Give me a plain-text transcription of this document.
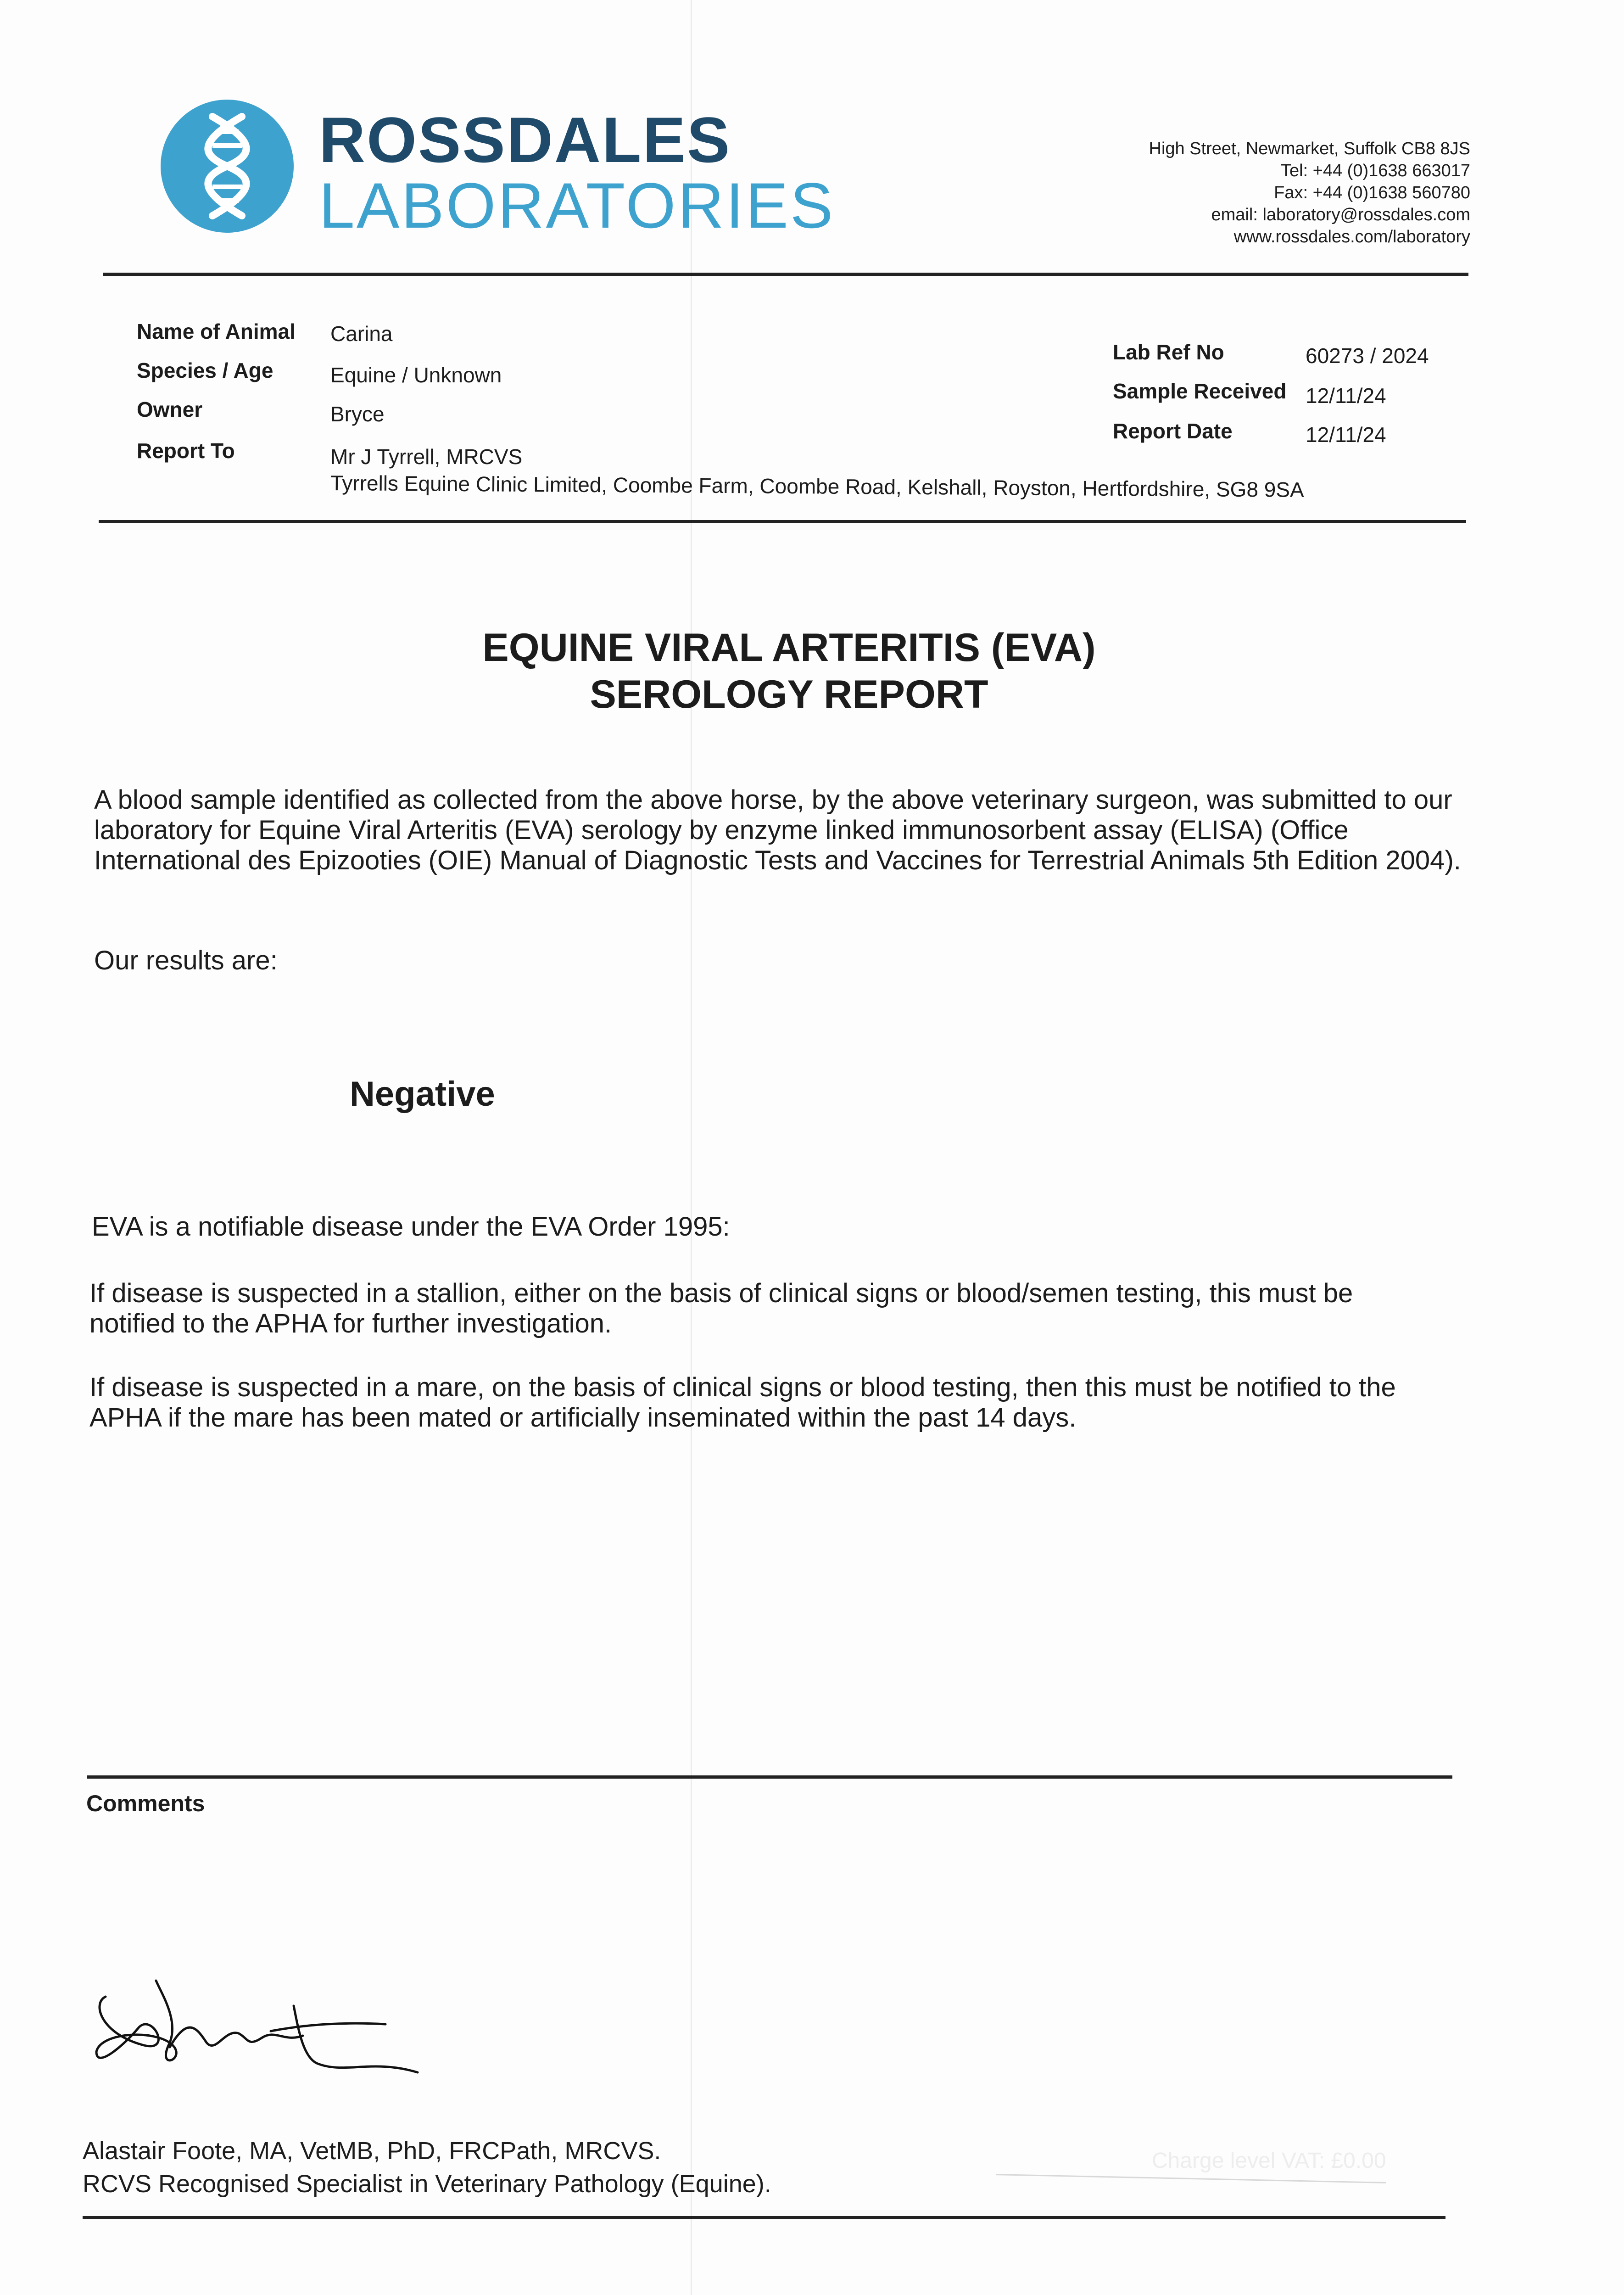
ROSSDALES
LABORATORIES
High Street, Newmarket, Suffolk CB8 8JS
Tel: +44 (0)1638 663017
Fax: +44 (0)1638 560780
email: laboratory@rossdales.com
www.rossdales.com/laboratory
Name of Animal Carina
Species / Age	Equine / Unknown
Owner	Bryce
Report To	Mr J Tyrrell, MRCVS
Tyrrells Equine Clinic Limited, Coombe Farm, Coombe Road, Kelshall, Royston, Hertfordshire, SG8 9SA
Lab Ref No	60273 / 2024
Sample Received 12/11/24
Report Date	12/11/24
EQUINE VIRAL ARTERITIS (EVA)
SEROLOGY REPORT
A blood sample identified as collected from the above horse, by the above veterinary surgeon, was submitted to our laboratory for Equine Viral Arteritis (EVA) serology by enzyme linked immunosorbent assay (ELISA) (Office International des Epizooties (OIE) Manual of Diagnostic Tests and Vaccines for Terrestrial Animals 5th Edition 2004).
Our results are:
Negative
EVA is a notifiable disease under the EVA Order 1995:
If disease is suspected in a stallion, either on the basis of clinical signs or blood/semen testing, this must be notified to the APHA for further investigation.
If disease is suspected in a mare, on the basis of clinical signs or blood testing, then this must be notified to the APHA if the mare has been mated or artificially inseminated within the past 14 days.
Comments
Alastair Foote, MA, VetMB, PhD, FRCPath, MRCVS.
RCVS Recognised Specialist in Veterinary Pathology (Equine).
Charge level VAT: £0.00
